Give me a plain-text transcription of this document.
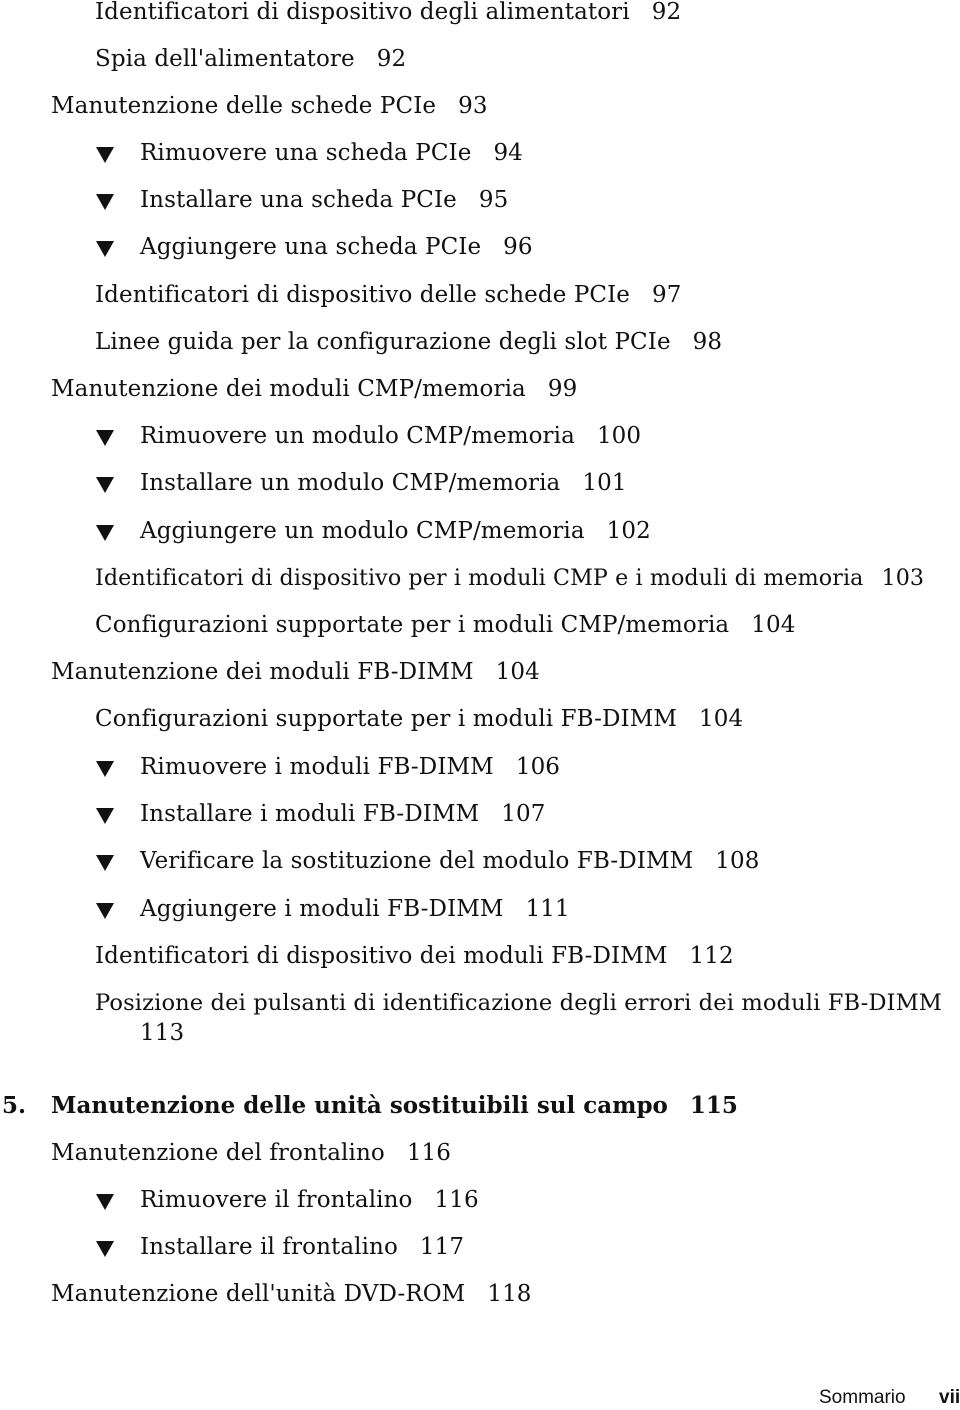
Identificatori di dispositivo degli alimentatori 92
Spia dell'alimentatore 92
Manutenzione delle schede PCIe 93
Rimuovere una scheda PCIe 94
Installare una scheda PCIe 95
Aggiungere una scheda PCIe 96
Identificatori di dispositivo delle schede PCIe 97
Linee guida per la configurazione degli slot PCIe 98
Manutenzione dei moduli CMP/memoria 99
Rimuovere un modulo CMP/memoria 100
Installare un modulo CMP/memoria 101
Aggiungere un modulo CMP/memoria 102
Identificatori di dispositivo per i moduli CMP e i moduli di memoria 103
Configurazioni supportate per i moduli CMP/memoria 104
Manutenzione dei moduli FB-DIMM 104
Configurazioni supportate per i moduli FB-DIMM 104
Rimuovere i moduli FB-DIMM 106
Installare i moduli FB-DIMM 107
Verificare la sostituzione del modulo FB-DIMM 108
Aggiungere i moduli FB-DIMM 111
Identificatori di dispositivo dei moduli FB-DIMM 112
Posizione dei pulsanti di identificazione degli errori dei moduli FB-DIMM
113
5. Manutenzione delle unità sostituibili sul campo 115
Manutenzione del frontalino 116
Rimuovere il frontalino 116
Installare il frontalino 117
Manutenzione dell'unità DVD-ROM 118
Sommario vii
